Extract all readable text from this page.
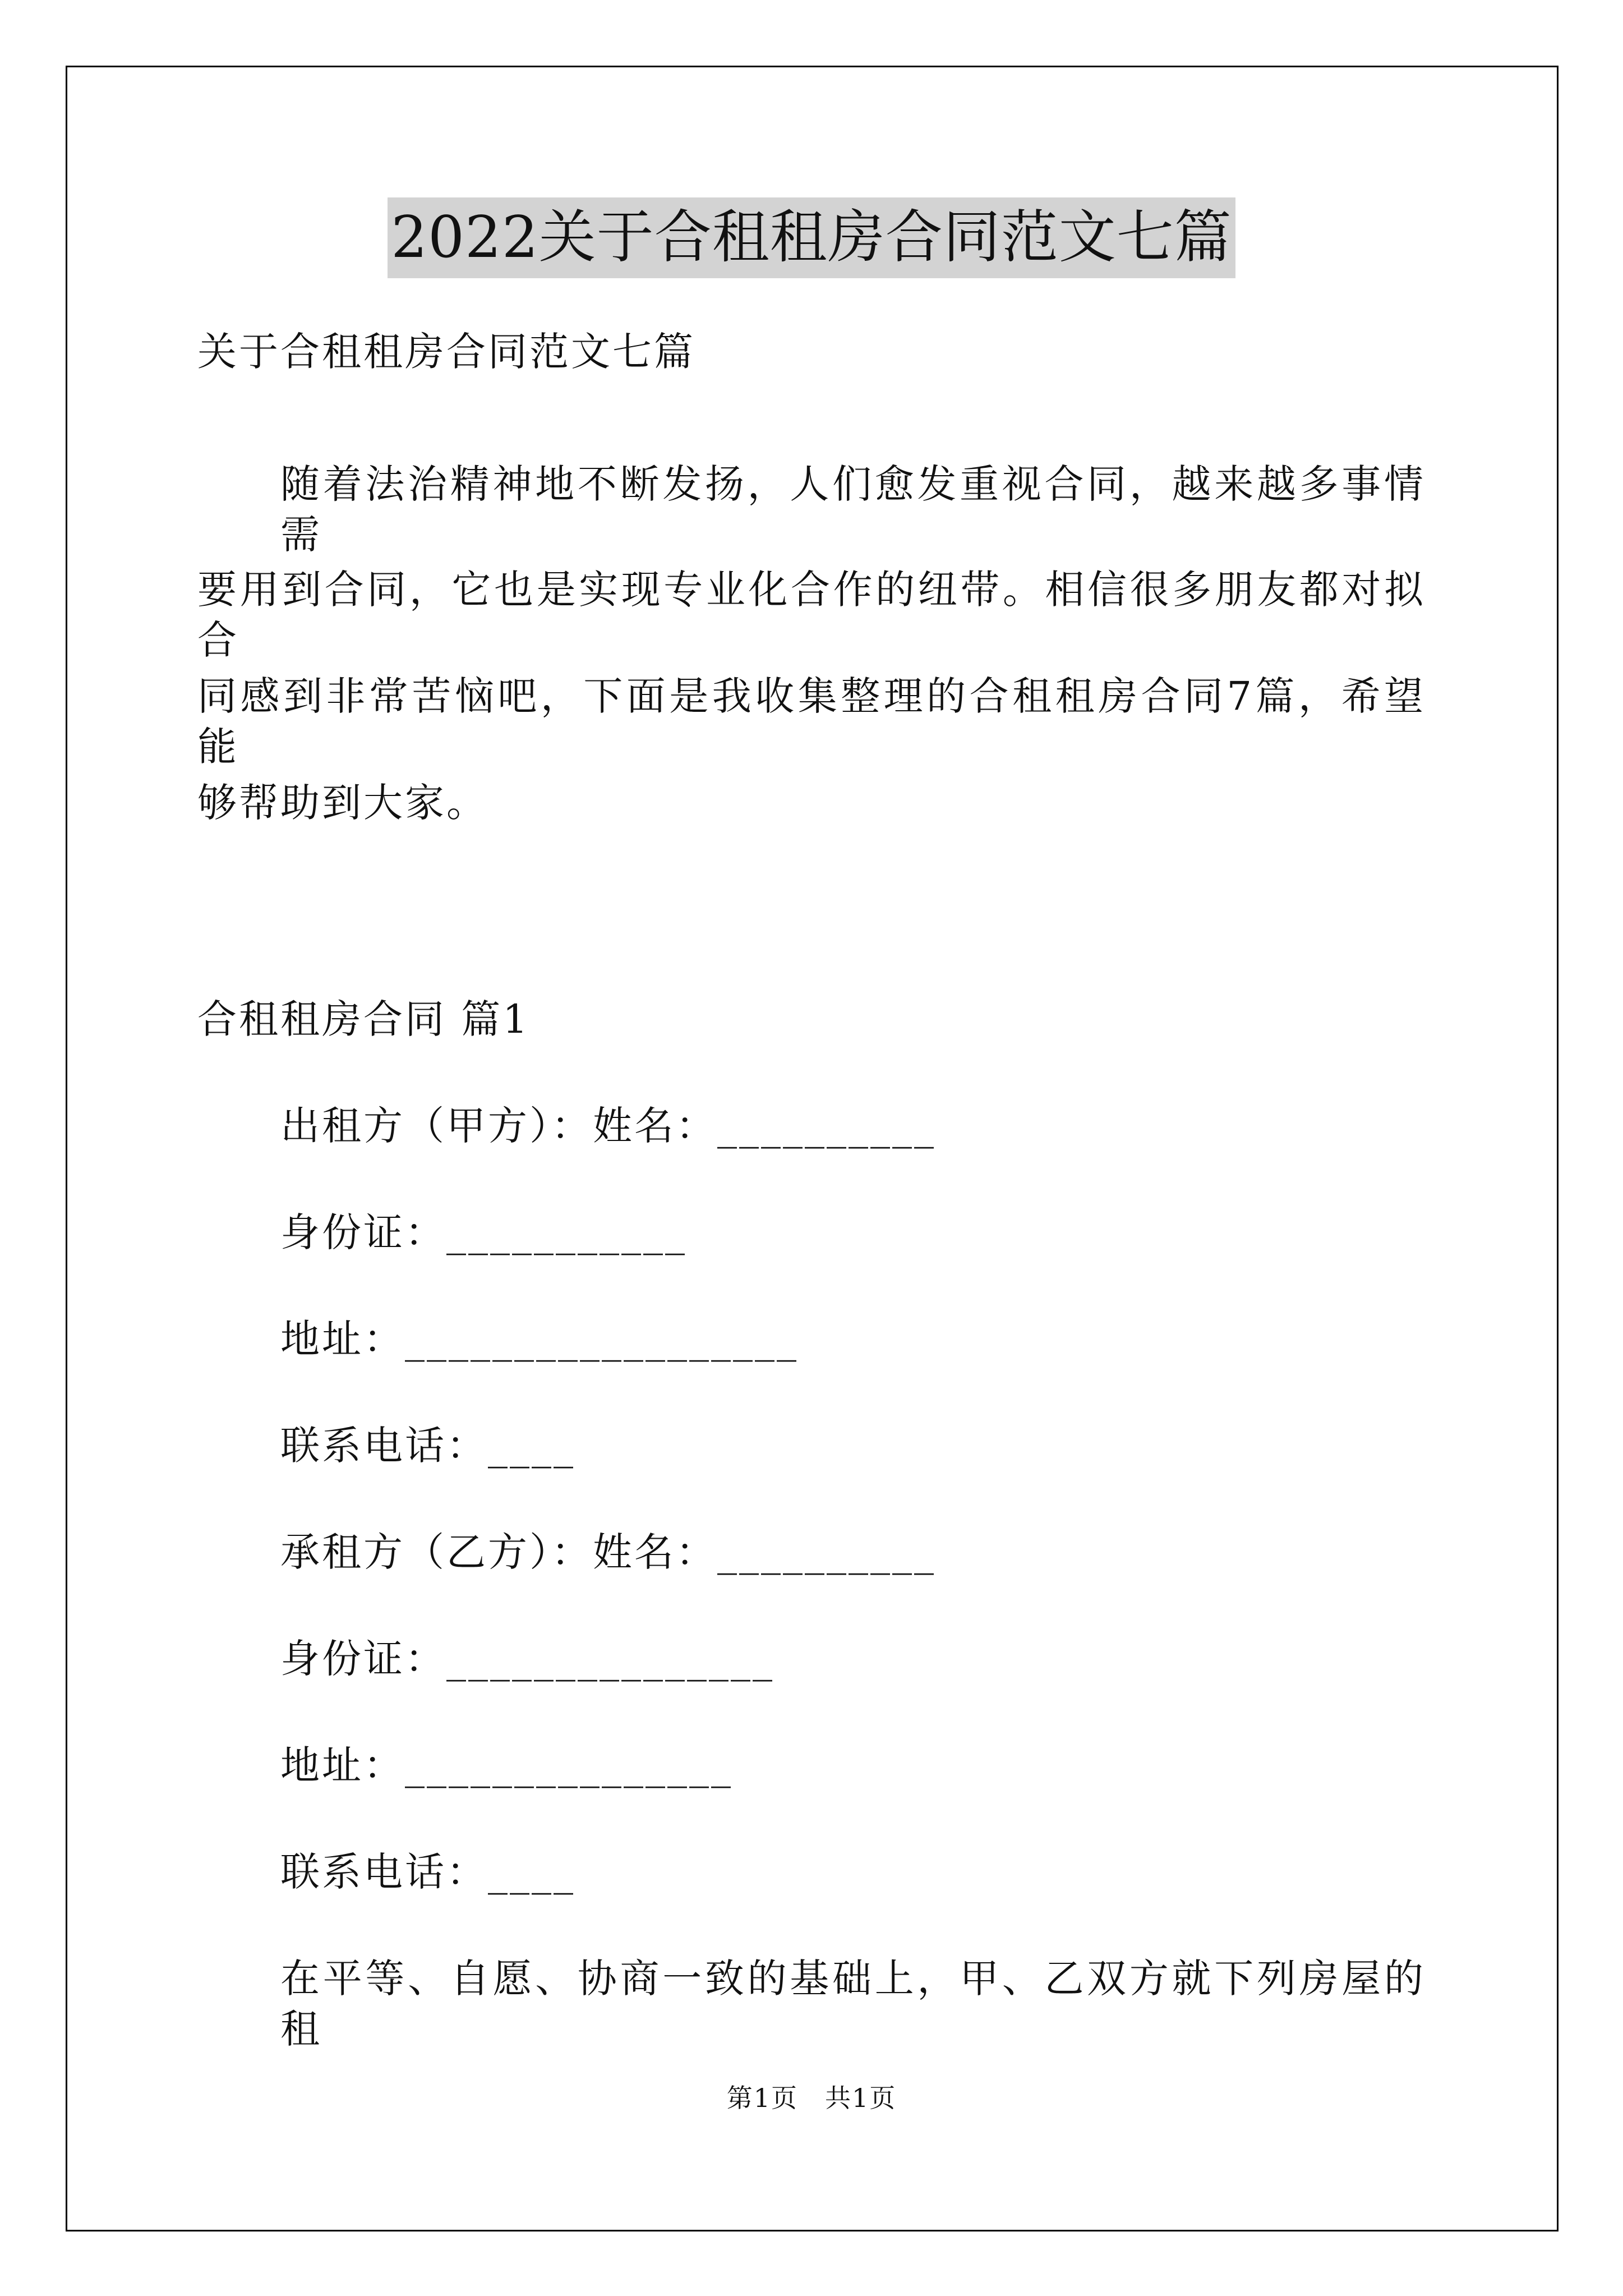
2022关于合租租房合同范文七篇
关于合租租房合同范文七篇
随着法治精神地不断发扬，人们愈发重视合同，越来越多事情需
要用到合同，它也是实现专业化合作的纽带。相信很多朋友都对拟合
同感到非常苦恼吧，下面是我收集整理的合租租房合同7篇，希望能
够帮助到大家。
合租租房合同 篇1
出租方（甲方）：姓名：__________
身份证：___________
地址：__________________
联系电话：____
承租方（乙方）：姓名：__________
身份证：_______________
地址：_______________
联系电话：____
在平等、自愿、协商一致的基础上，甲、乙双方就下列房屋的租
第1页　共1页
